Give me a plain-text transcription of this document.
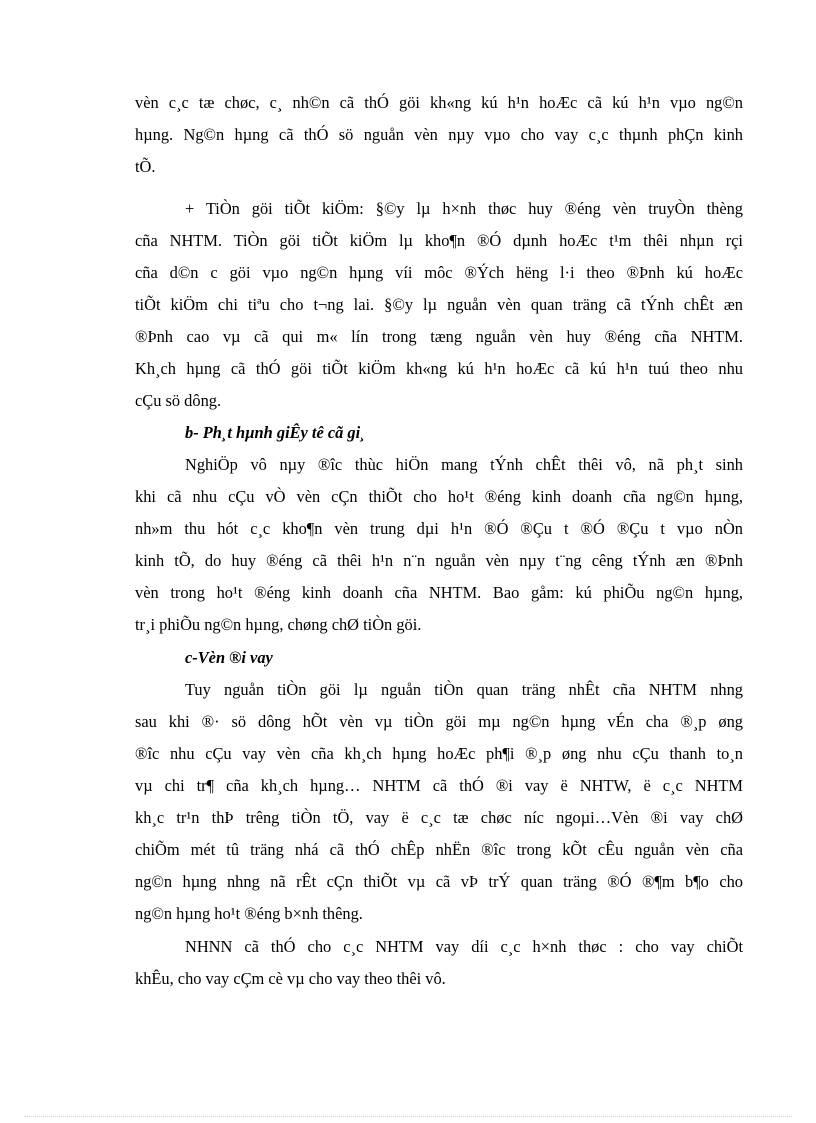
vèn c¸c tæ chøc, c¸ nh©n cã thÓ göi kh«ng kú h¹n hoÆc cã kú h¹n vµo ng©n
hµng. Ng©n hµng cã thÓ sö nguån vèn nµy vµo cho vay c¸c thµnh phÇn kinh
tÕ.
+ TiÒn göi tiÕt kiÖm: §©y lµ h×nh thøc huy ®éng vèn truyÒn thèng
cña NHTM. TiÒn göi tiÕt kiÖm lµ kho¶n ®Ó dµnh hoÆc t¹m thêi nhµn rçi
cña d©n c göi vµo ng©n hµng víi môc ®Ých hëng l·i theo ®Þnh kú hoÆc
tiÕt kiÖm chi tiªu cho t¬ng lai. §©y lµ nguån vèn quan träng cã tÝnh chÊt æn
®Þnh cao vµ cã qui m« lín trong tæng nguån vèn huy ®éng cña NHTM.
Kh¸ch hµng cã thÓ göi tiÕt kiÖm kh«ng kú h¹n hoÆc cã kú h¹n tuú theo nhu
cÇu sö dông.
b- Ph¸t hµnh giÊy tê cã gi¸
NghiÖp vô nµy ®îc thùc hiÖn mang tÝnh chÊt thêi vô, nã ph¸t sinh
khi cã nhu cÇu vÒ vèn cÇn thiÕt cho ho¹t ®éng kinh doanh cña ng©n hµng,
nh»m thu hót c¸c kho¶n vèn trung dµi h¹n ®Ó ®Çu t ®Ó ®Çu t vµo nÒn
kinh tÕ, do huy ®éng cã thêi h¹n n¨n nguån vèn nµy t¨ng cêng tÝnh æn ®Þnh
vèn trong ho¹t ®éng kinh doanh cña NHTM. Bao gåm: kú phiÕu ng©n hµng,
tr¸i phiÕu ng©n hµng, chøng chØ tiÒn göi.
c-Vèn ®i vay
Tuy nguån tiÒn göi lµ nguån tiÒn quan träng nhÊt cña NHTM nhng
sau khi ®· sö dông hÕt vèn vµ tiÒn göi mµ ng©n hµng vÉn cha ®¸p øng
®îc nhu cÇu vay vèn cña kh¸ch hµng hoÆc ph¶i ®¸p øng nhu cÇu thanh to¸n
vµ chi tr¶ cña kh¸ch hµng… NHTM cã thÓ ®i vay ë NHTW, ë c¸c NHTM
kh¸c tr¹n thÞ trêng tiÒn tÖ, vay ë c¸c tæ chøc níc ngoµi…Vèn ®i vay chØ
chiÕm mét tû träng nhá cã thÓ chÊp nhËn ®îc trong kÕt cÊu nguån vèn cña
ng©n hµng nhng nã rÊt cÇn thiÕt vµ cã vÞ trÝ quan träng ®Ó ®¶m b¶o cho
ng©n hµng ho¹t ®éng b×nh thêng.
NHNN cã thÓ cho c¸c NHTM vay díi c¸c h×nh thøc : cho vay chiÕt
khÊu, cho vay cÇm cè vµ cho vay theo thêi vô.
